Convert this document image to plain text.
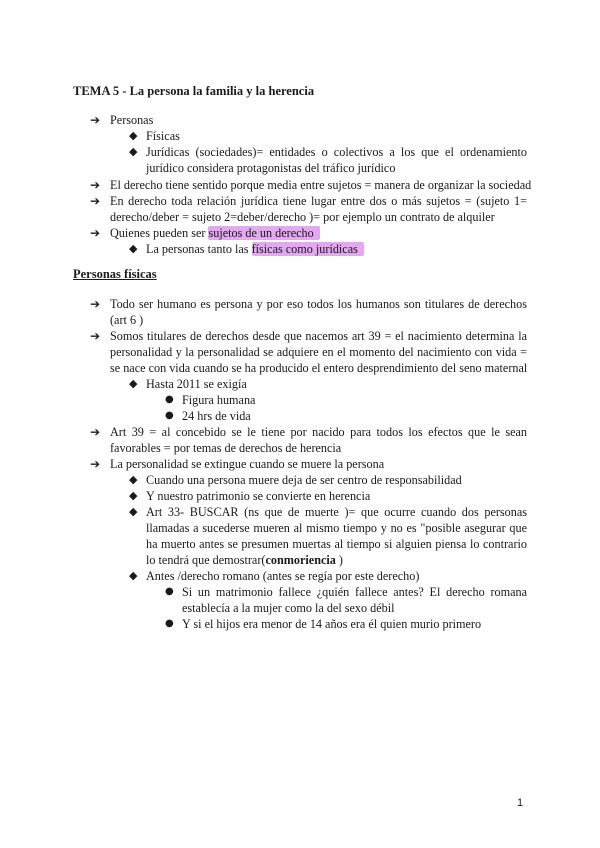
TEMA 5 - La persona la familia y la herencia
➔ Personas
◆ Físicas
◆ Jurídicas (sociedades)= entidades o colectivos a los que el ordenamiento
jurídico considera protagonistas del tráfico jurídico
➔ El derecho tiene sentido porque media entre sujetos = manera de organizar la sociedad
➔ En derecho toda relación jurídica tiene lugar entre dos o más sujetos = (sujeto 1=
derecho/deber = sujeto 2=deber/derecho )= por ejemplo un contrato de alquiler
➔ Quienes pueden ser sujetos de un derecho
◆ La personas tanto las físicas como jurídicas
Personas físicas
➔ Todo ser humano es persona y por eso todos los humanos son titulares de derechos
(art 6 )
➔ Somos titulares de derechos desde que nacemos art 39 = el nacimiento determina la
personalidad y la personalidad se adquiere en el momento del nacimiento con vida =
se nace con vida cuando se ha producido el entero desprendimiento del seno maternal
◆ Hasta 2011 se exigía
● Figura humana
● 24 hrs de vida
➔ Art 39 = al concebido se le tiene por nacido para todos los efectos que le sean
favorables = por temas de derechos de herencia
➔ La personalidad se extingue cuando se muere la persona
◆ Cuando una persona muere deja de ser centro de responsabilidad
◆ Y nuestro patrimonio se convierte en herencia
◆ Art 33- BUSCAR (ns que de muerte )= que ocurre cuando dos personas
llamadas a sucederse mueren al mismo tiempo y no es "posible asegurar que
ha muerto antes se presumen muertas al tiempo si alguien piensa lo contrario
lo tendrá que demostrar(conmoriencia )
◆ Antes /derecho romano (antes se regía por este derecho)
● Si un matrimonio fallece ¿quién fallece antes? El derecho romana
establecía a la mujer como la del sexo débil
● Y si el hijos era menor de 14 años era él quien murio primero
1
